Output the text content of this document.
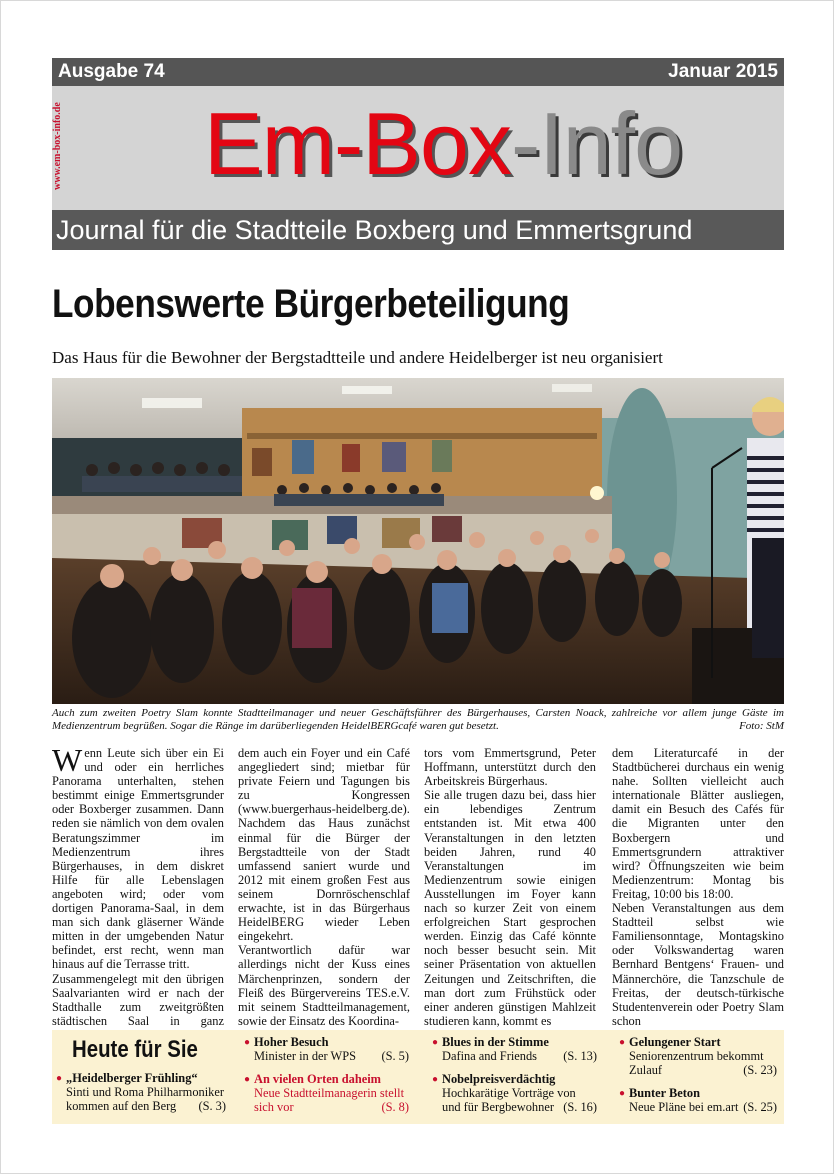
Ausgabe 74	Januar 2015
www.em-box-info.de Em-Box-Info
Journal für die Stadtteile Boxberg und Emmertsgrund
Lobenswerte Bürgerbeteiligung
Das Haus für die Bewohner der Bergstadtteile und andere Heidelberger ist neu organisiert
Auch zum zweiten Poetry Slam konnte Stadtteilmanager und neuer Geschäftsführer des Bürgerhauses, Carsten Noack, zahlreiche vor allem junge Gäste im Medienzentrum begrüßen. Sogar die Ränge im darüberliegenden HeidelBERGcafé waren gut besetzt.	Foto: StM

Wenn Leute sich über ein Ei und oder ein herrliches Panorama unterhalten, stehen bestimmt einige Emmertsgrunder oder Boxberger zusammen. Dann reden sie nämlich von dem ovalen Beratungszimmer im Medienzentrum ihres Bürgerhauses, in dem diskret Hilfe für alle Lebenslagen angeboten wird; oder vom dortigen Panorama-Saal, in dem man sich dank gläserner Wände mitten in der umgebenden Natur befindet, erst recht, wenn man hinaus auf die Terrasse tritt.

Zusammengelegt mit den übrigen Saalvarianten wird er nach der Stadthalle zum zweitgrößten städtischen Saal in ganz

dem auch ein Foyer und ein Café angegliedert sind; mietbar für private Feiern und Tagungen bis zu Kongressen (www.buergerhaus-heidelberg.de).

Nachdem das Haus zunächst einmal für die Bürger der Bergstadtteile von der Stadt umfassend saniert wurde und 2012 mit einem großen Fest aus seinem Dornröschenschlaf erwachte, ist in das Bürgerhaus HeidelBERG wieder Leben eingekehrt.

Verantwortlich dafür war allerdings nicht der Kuss eines Märchenprinzen, sondern der Fleiß des Bürgervereins TES.e.V. mit seinem Stadtteilmanagement, sowie der Einsatz des Koordina-

tors vom Emmertsgrund, Peter Hoffmann, unterstützt durch den Arbeitskreis Bürgerhaus.

Sie alle trugen dazu bei, dass hier ein lebendiges Zentrum entstanden ist. Mit etwa 400 Veranstaltungen in den letzten beiden Jahren, rund 40 Veranstaltungen im Medienzentrum sowie einigen Ausstellungen im Foyer kann nach so kurzer Zeit von einem erfolgreichen Start gesprochen werden. Einzig das Café könnte noch besser besucht sein. Mit seiner Präsentation von aktuellen Zeitungen und Zeitschriften, die man dort zum Frühstück oder einer anderen günstigen Mahlzeit studieren kann, kommt es

dem Literaturcafé in der Stadtbücherei durchaus ein wenig nahe. Sollten vielleicht auch internationale Blätter ausliegen, damit ein Besuch des Cafés für die Migranten unter den Boxbergern und Emmertsgrundern attraktiver wird? Öffnungszeiten wie beim Medienzentrum: Montag bis Freitag, 10:00 bis 18:00.

Neben Veranstaltungen aus dem Stadtteil selbst wie Familiensonntage, Montagskino oder Volkswandertag waren Bernhard Bentgens‘ Frauen- und Männerchöre, die Tanzschule de Freitas, der deutsch-türkische Studentenverein oder Poetry Slam schon

Heute für Sie
● „Heidelberger Frühling“
Sinti und Roma Philharmoniker kommen auf den Berg (S. 3)
● Hoher Besuch
Minister in der WPS (S. 5)
● An vielen Orten daheim
Neue Stadtteilmanagerin stellt sich vor	(S. 8)
● Blues in der Stimme
Dafina and Friends (S. 13)
● Nobelpreisverdächtig
Hochkarätige Vorträge von und für Bergbewohner (S. 16)
● Gelungener Start
Seniorenzentrum bekommt Zulauf	(S. 23)
● Bunter Beton
Neue Pläne bei em.art (S. 25)
